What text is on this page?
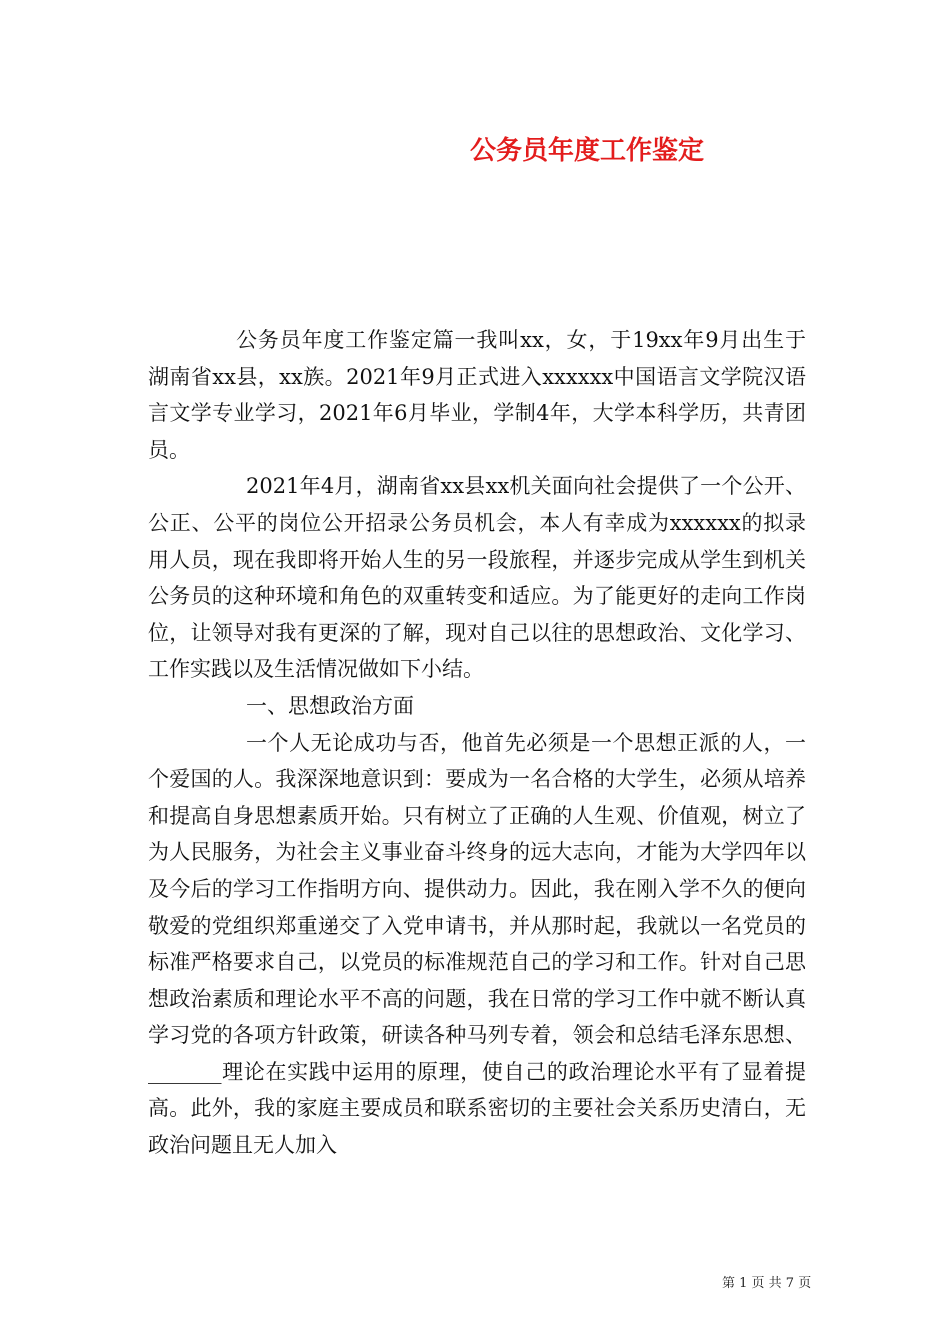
公务员年度工作鉴定

公务员年度工作鉴定篇一我叫xx，女，于19xx年9月出生于湖南省xx县，xx族。2021年9月正式进入xxxxxx中国语言文学院汉语言文学专业学习，2021年6月毕业，学制4年，大学本科学历，共青团员。

2021年4月，湖南省xx县xx机关面向社会提供了一个公开、公正、公平的岗位公开招录公务员机会，本人有幸成为xxxxxx的拟录用人员，现在我即将开始人生的另一段旅程，并逐步完成从学生到机关公务员的这种环境和角色的双重转变和适应。为了能更好的走向工作岗位，让领导对我有更深的了解，现对自己以往的思想政治、文化学习、工作实践以及生活情况做如下小结。

一、思想政治方面

一个人无论成功与否，他首先必须是一个思想正派的人，一个爱国的人。我深深地意识到：要成为一名合格的大学生，必须从培养和提高自身思想素质开始。只有树立了正确的人生观、价值观，树立了为人民服务，为社会主义事业奋斗终身的远大志向，才能为大学四年以及今后的学习工作指明方向、提供动力。因此，我在刚入学不久的便向敬爱的党组织郑重递交了入党申请书，并从那时起，我就以一名党员的标准严格要求自己，以党员的标准规范自己的学习和工作。针对自己思想政治素质和理论水平不高的问题，我在日常的学习工作中就不断认真学习党的各项方针政策，研读各种马列专着，领会和总结毛泽东思想、_______理论在实践中运用的原理，使自己的政治理论水平有了显着提高。此外，我的家庭主要成员和联系密切的主要社会关系历史清白，无政治问题且无人加入

第 1 页 共 7 页
